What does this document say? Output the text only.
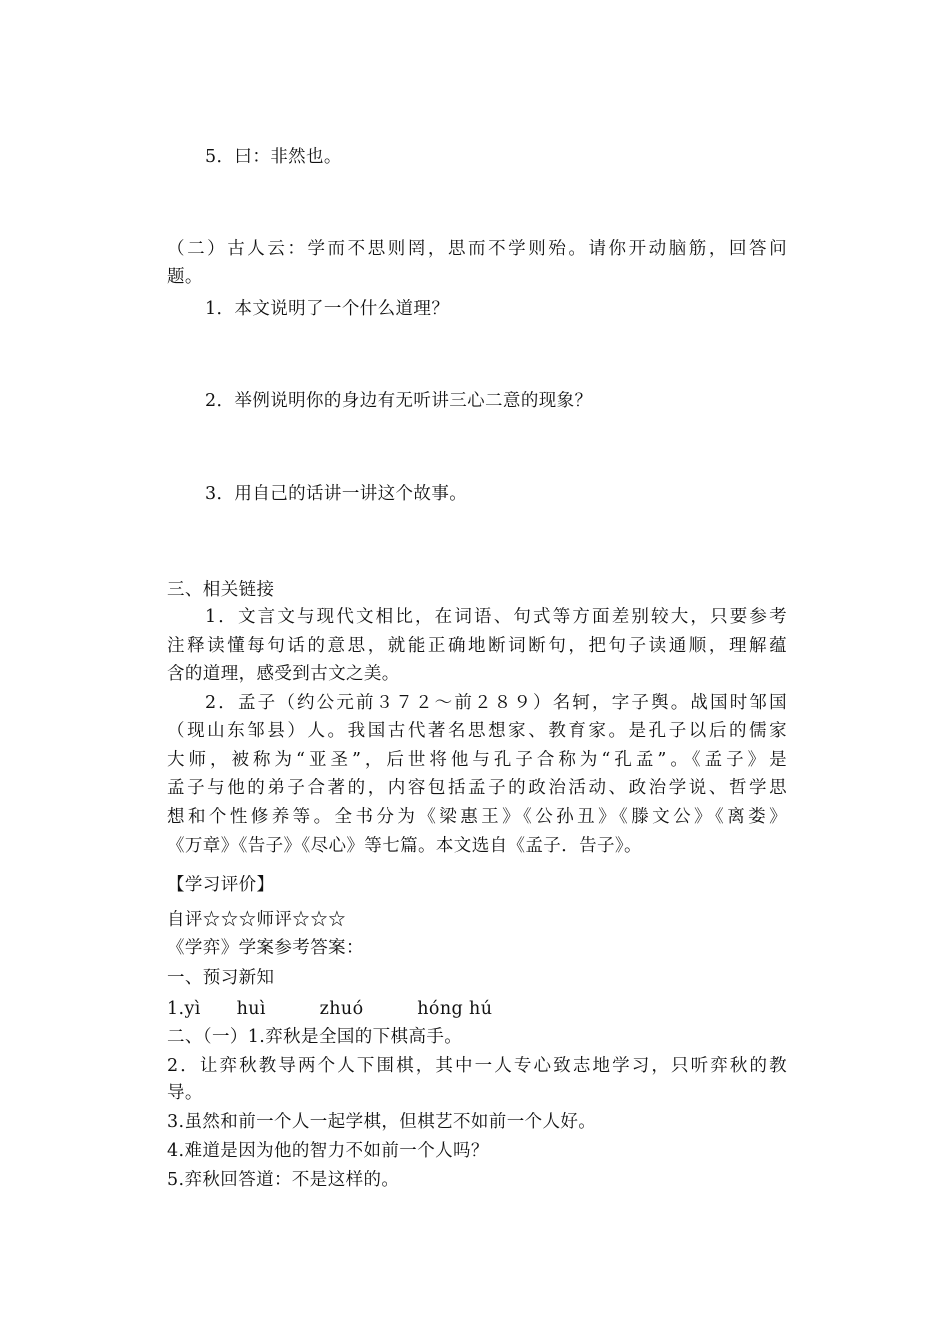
5．曰：非然也。
（二）古人云：学而不思则罔，思而不学则殆。请你开动脑筋，回答问
题。
1．本文说明了一个什么道理？
2．举例说明你的身边有无听讲三心二意的现象？
3．用自己的话讲一讲这个故事。
三、相关链接
1．文言文与现代文相比，在词语、句式等方面差别较大，只要参考
注释读懂每句话的意思，就能正确地断词断句，把句子读通顺，理解蕴
含的道理，感受到古文之美。
2．孟子（约公元前３７２～前２８９）名轲，字子舆。战国时邹国
（现山东邹县）人。我国古代著名思想家、教育家。是孔子以后的儒家
大师，被称为“亚圣”，后世将他与孔子合称为“孔孟”。《孟子》是
孟子与他的弟子合著的，内容包括孟子的政治活动、政治学说、哲学思
想和个性修养等。全书分为《梁惠王》《公孙丑》《滕文公》《离娄》
《万章》《告子》《尽心》等七篇。本文选自《孟子．告子》。
【学习评价】
自评☆☆☆师评☆☆☆
《学弈》学案参考答案：
一、预习新知
1.yì　　huì　　　zhuó　　　hóng hú
二、（一）1.弈秋是全国的下棋高手。
2．让弈秋教导两个人下围棋，其中一人专心致志地学习，只听弈秋的教
导。
3.虽然和前一个人一起学棋，但棋艺不如前一个人好。
4.难道是因为他的智力不如前一个人吗？
5.弈秋回答道：不是这样的。
